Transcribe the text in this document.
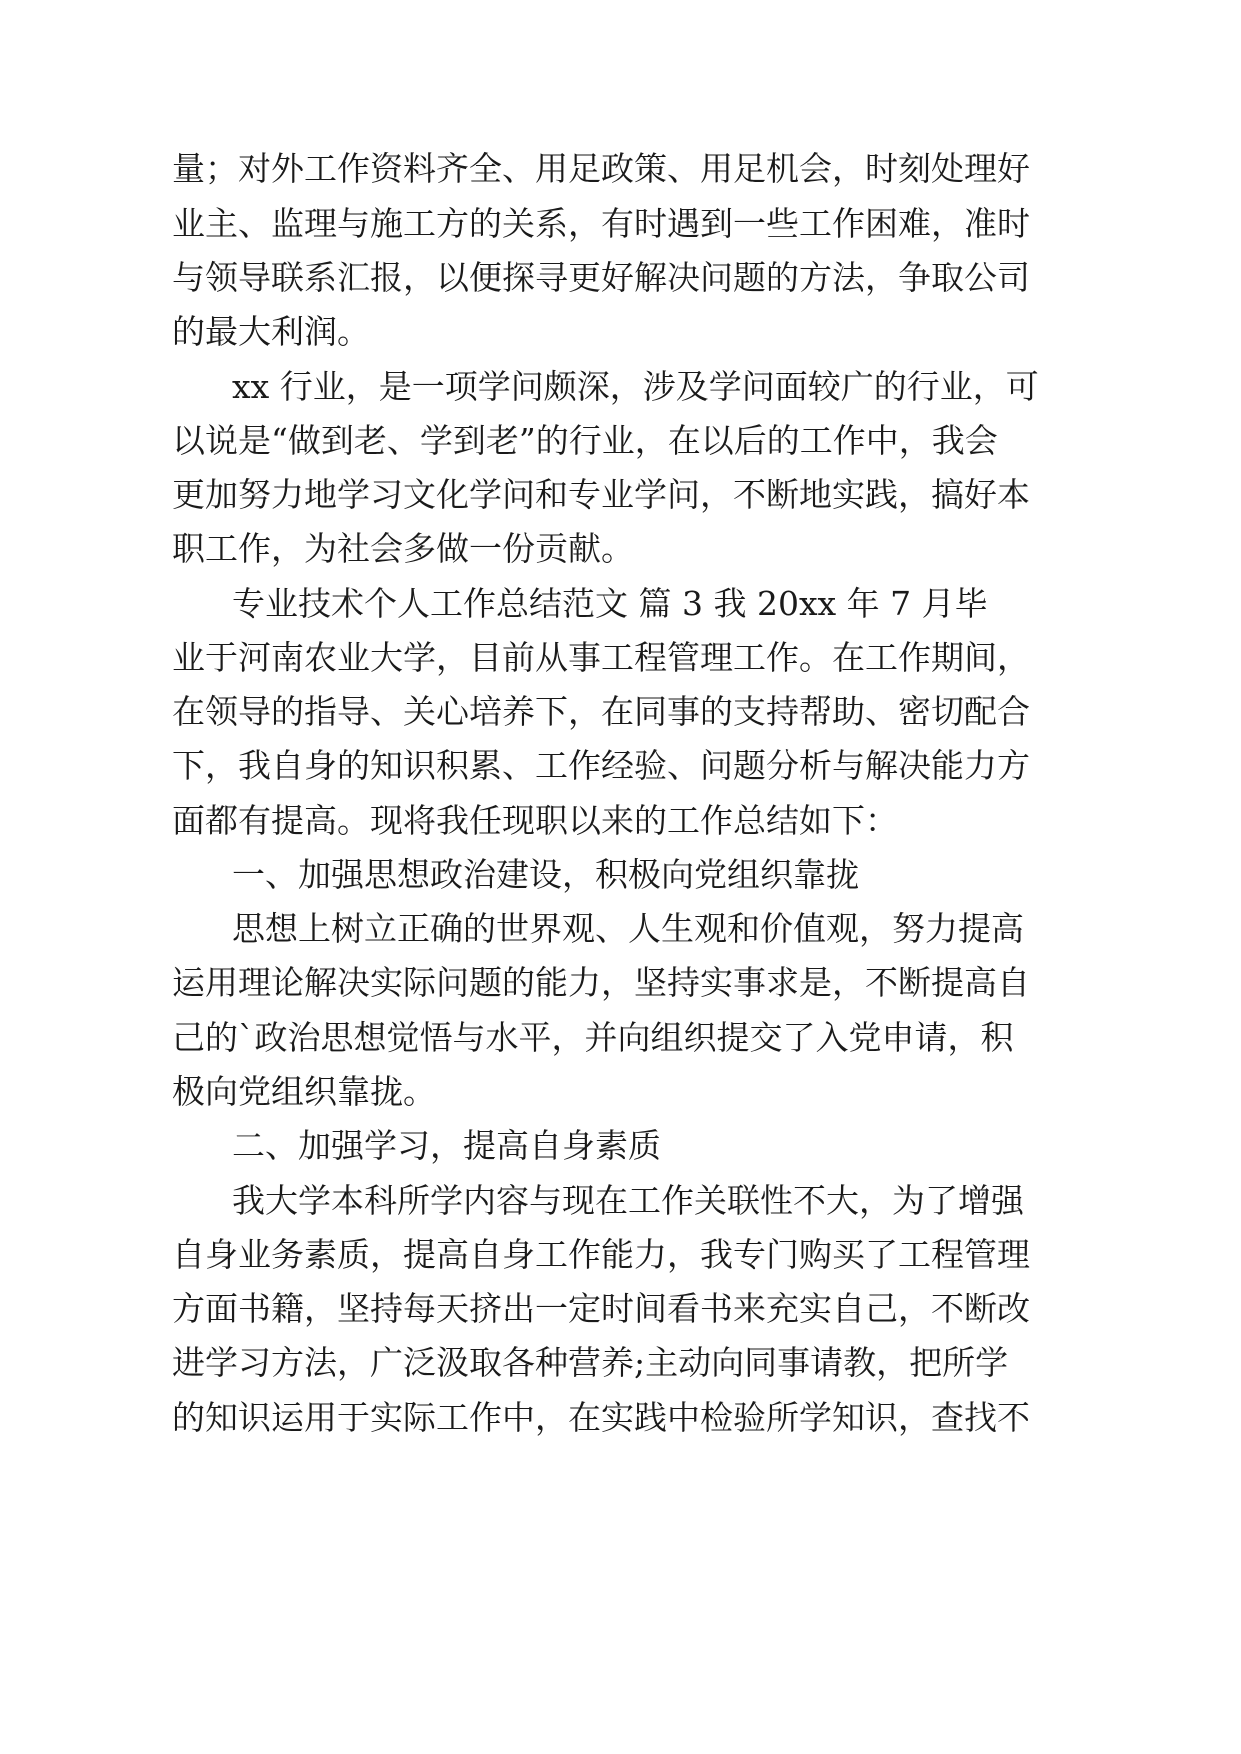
量；对外工作资料齐全、用足政策、用足机会，时刻处理好
业主、监理与施工方的关系，有时遇到一些工作困难，准时
与领导联系汇报，以便探寻更好解决问题的方法，争取公司
的最大利润。
xx 行业，是一项学问颇深，涉及学问面较广的行业，可
以说是“做到老、学到老”的行业，在以后的工作中，我会
更加努力地学习文化学问和专业学问，不断地实践，搞好本
职工作，为社会多做一份贡献。
专业技术个人工作总结范文 篇 3 我 20xx 年 7 月毕
业于河南农业大学，目前从事工程管理工作。在工作期间，
在领导的指导、关心培养下，在同事的支持帮助、密切配合
下，我自身的知识积累、工作经验、问题分析与解决能力方
面都有提高。现将我任现职以来的工作总结如下：
一、加强思想政治建设，积极向党组织靠拢
思想上树立正确的世界观、人生观和价值观，努力提高
运用理论解决实际问题的能力，坚持实事求是，不断提高自
己的`政治思想觉悟与水平，并向组织提交了入党申请，积
极向党组织靠拢。
二、加强学习，提高自身素质
我大学本科所学内容与现在工作关联性不大，为了增强
自身业务素质，提高自身工作能力，我专门购买了工程管理
方面书籍，坚持每天挤出一定时间看书来充实自己，不断改
进学习方法，广泛汲取各种营养;主动向同事请教，把所学
的知识运用于实际工作中，在实践中检验所学知识，查找不
